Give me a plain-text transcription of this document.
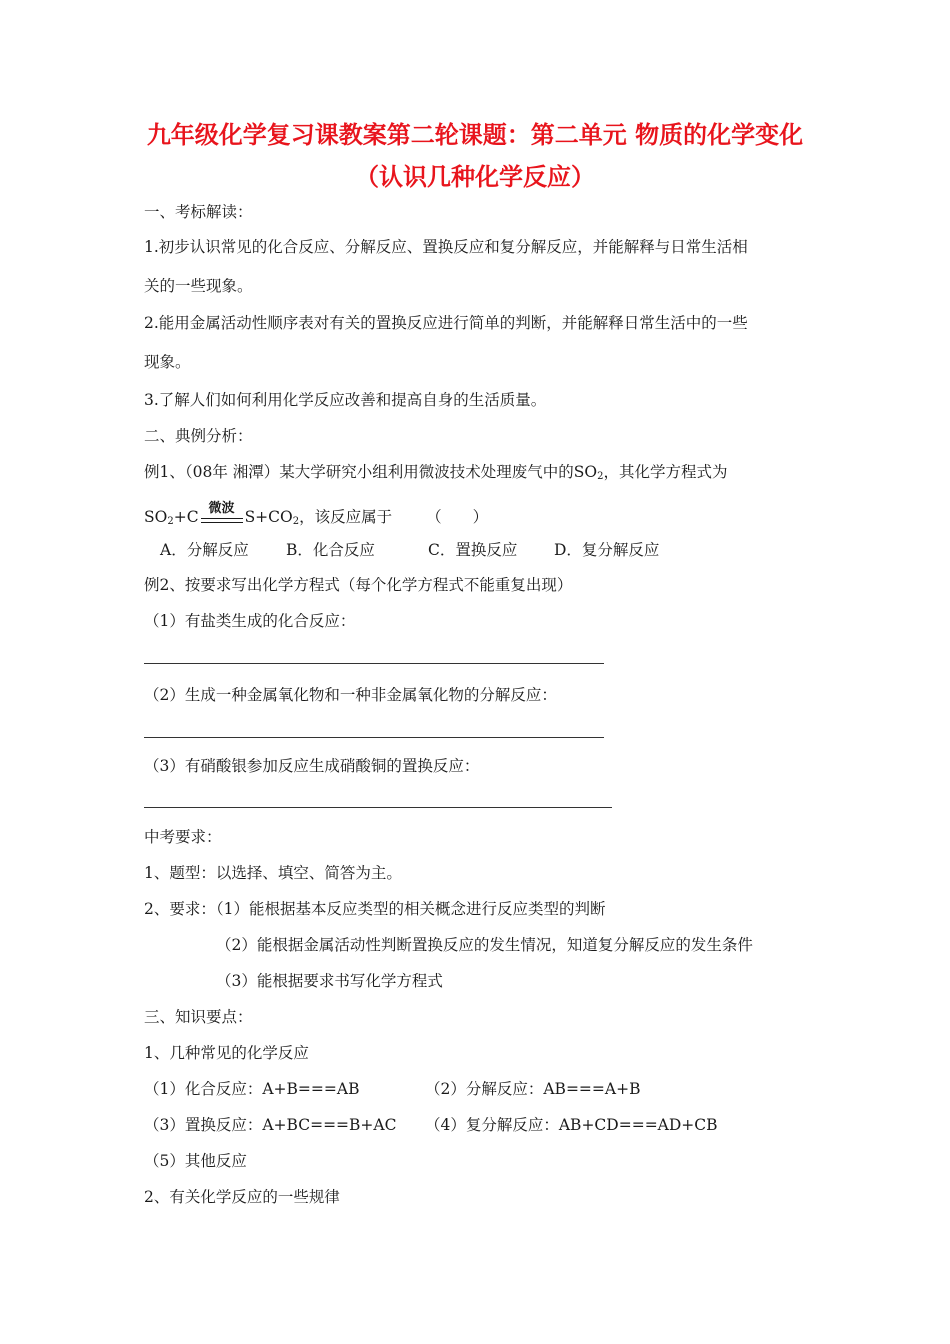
九年级化学复习课教案第二轮课题：第二单元 物质的化学变化（认识几种化学反应）
一、考标解读：
1.初步认识常见的化合反应、分解反应、置换反应和复分解反应，并能解释与日常生活相
关的一些现象。
2.能用金属活动性顺序表对有关的置换反应进行简单的判断，并能解释日常生活中的一些
现象。
3.了解人们如何利用化学反应改善和提高自身的生活质量。
二、典例分析：
例1、（08年 湘潭）某大学研究小组利用微波技术处理废气中的$SO_2$，其化学方程式为
$SO_2+C$ 微波 $S+CO_2$，该反应属于 （　　）
A．分解反应 B．化合反应	C．置换反应 D．复分解反应
例2、按要求写出化学方程式（每个化学方程式不能重复出现）
（1）有盐类生成的化合反应：
（2）生成一种金属氧化物和一种非金属氧化物的分解反应：
（3）有硝酸银参加反应生成硝酸铜的置换反应：
中考要求：
1、题型：以选择、填空、简答为主。
2、要求：（1）能根据基本反应类型的相关概念进行反应类型的判断
（2）能根据金属活动性判断置换反应的发生情况，知道复分解反应的发生条件
（3）能根据要求书写化学方程式
三、知识要点：
1、几种常见的化学反应
（1）化合反应：A+B===AB	（2）分解反应：AB===A+B
（3）置换反应：A+BC===B+AC （4）复分解反应：AB+CD===AD+CB
（5）其他反应
2、有关化学反应的一些规律
